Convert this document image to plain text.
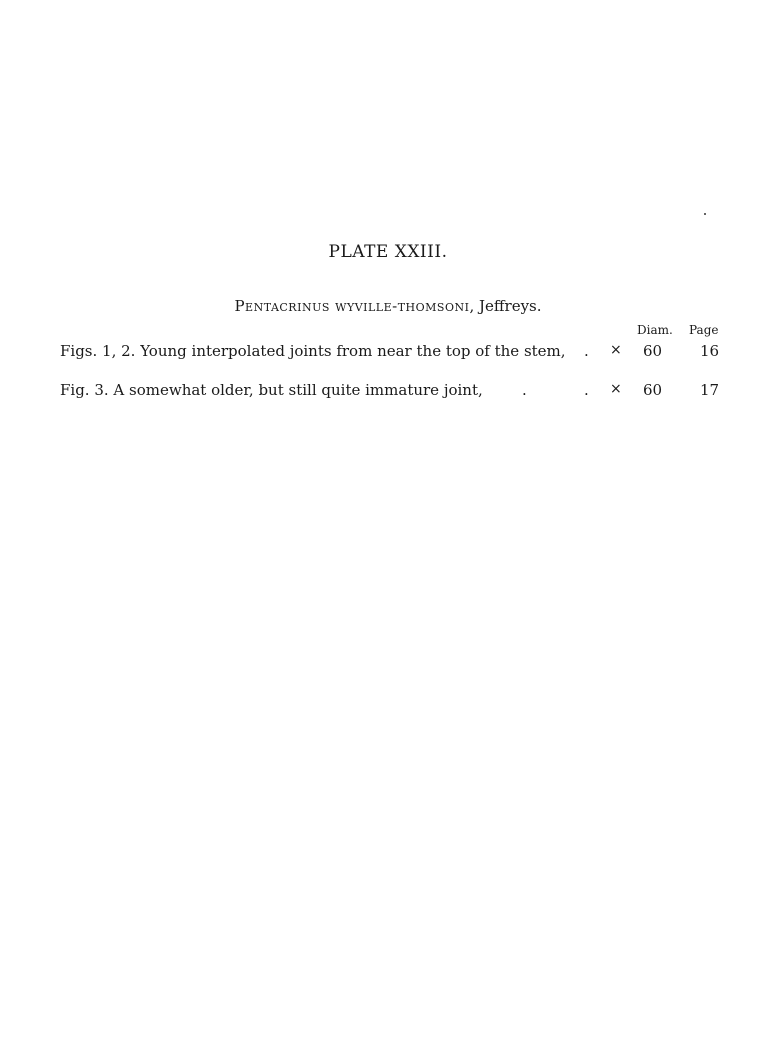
PLATE XXIII.
Pentacrinus wyville-thomsoni, Jeffreys.
Diam. Page
Figs. 1, 2. Young interpolated joints from near the top of the stem, . × 60	16
Fig. 3. A somewhat older, but still quite immature joint,	.	. × 60	17
